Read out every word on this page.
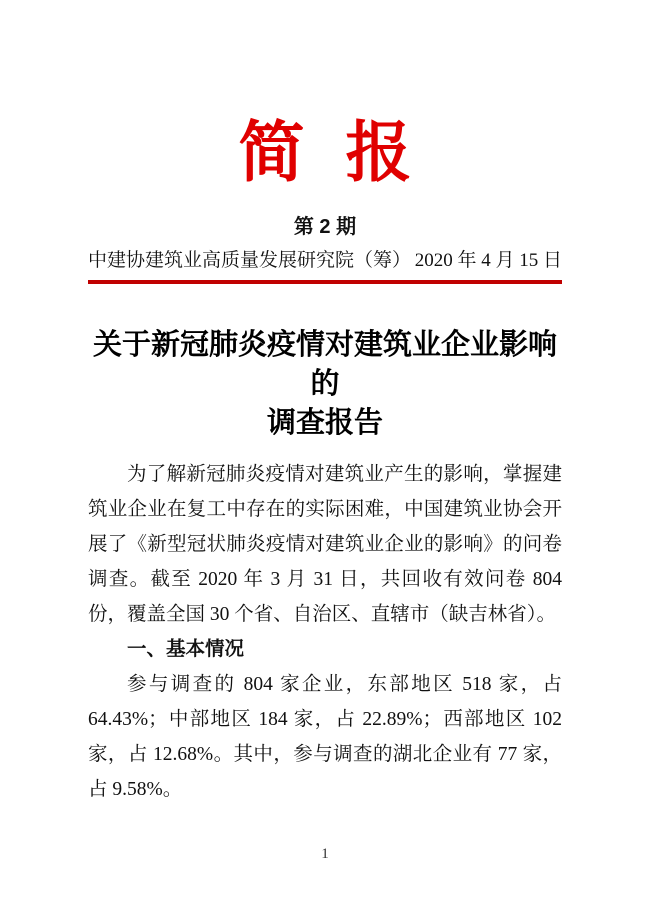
简报
第 2 期
中建协建筑业高质量发展研究院（筹） 2020 年 4 月 15 日
关于新冠肺炎疫情对建筑业企业影响的
调查报告

为了解新冠肺炎疫情对建筑业产生的影响，掌握建筑业企业在复工中存在的实际困难，中国建筑业协会开展了《新型冠状肺炎疫情对建筑业企业的影响》的问卷调查。截至 2020 年 3 月 31 日，共回收有效问卷 804 份，覆盖全国 30 个省、自治区、直辖市（缺吉林省）。

一、基本情况

参与调查的 804 家企业，东部地区 518 家，占 64.43%；中部地区 184 家，占 22.89%；西部地区 102 家，占 12.68%。其中，参与调查的湖北企业有 77 家，占 9.58%。

1
